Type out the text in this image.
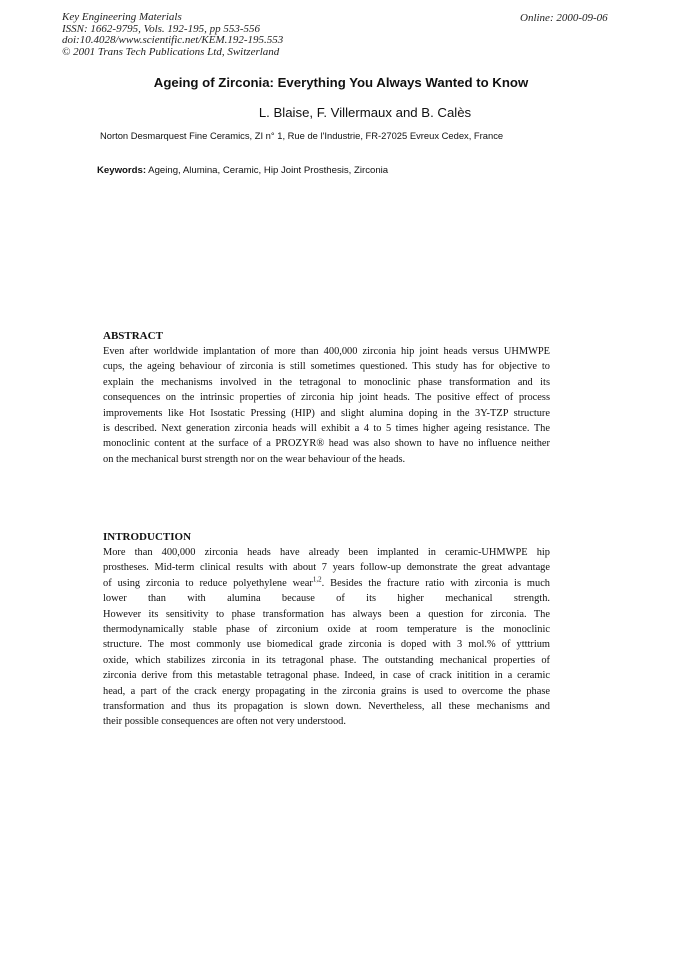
Key Engineering Materials
ISSN: 1662-9795, Vols. 192-195, pp 553-556
doi:10.4028/www.scientific.net/KEM.192-195.553
© 2001 Trans Tech Publications Ltd, Switzerland
Online: 2000-09-06
Ageing of Zirconia: Everything You Always Wanted to Know
L. Blaise, F. Villermaux and B. Calès
Norton Desmarquest Fine Ceramics, ZI n° 1, Rue de l'Industrie, FR-27025 Evreux Cedex, France
Keywords: Ageing, Alumina, Ceramic, Hip Joint Prosthesis, Zirconia
ABSTRACT
Even after worldwide implantation of more than 400,000 zirconia hip joint heads versus UHMWPE
cups, the ageing behaviour of zirconia is still sometimes questioned. This study has for objective to
explain the mechanisms involved in the tetragonal to monoclinic phase transformation and its
consequences on the intrinsic properties of zirconia hip joint heads. The positive effect of process
improvements like Hot Isostatic Pressing (HIP) and slight alumina doping in the 3Y-TZP structure
is described. Next generation zirconia heads will exhibit a 4 to 5 times higher ageing resistance. The
monoclinic content at the surface of a PROZYR® head was also shown to have no influence neither
on the mechanical burst strength nor on the wear behaviour of the heads.
INTRODUCTION
More than 400,000 zirconia heads have already been implanted in ceramic-UHMWPE hip
prostheses. Mid-term clinical results with about 7 years follow-up demonstrate the great advantage
of using zirconia to reduce polyethylene wear$^{1,2}$. Besides the fracture ratio with zirconia is much
lower than with alumina because of its higher mechanical strength.
However its sensitivity to phase transformation has always been a question for zirconia. The
thermodynamically stable phase of zirconium oxide at room temperature is the monoclinic
structure. The most commonly use biomedical grade zirconia is doped with 3 mol.% of ytttrium
oxide, which stabilizes zirconia in its tetragonal phase. The outstanding mechanical properties of
zirconia derive from this metastable tetragonal phase. Indeed, in case of crack initition in a ceramic
head, a part of the crack energy propagating in the zirconia grains is used to overcome the phase
transformation and thus its propagation is slown down. Nevertheless, all these mechanisms and
their possible consequences are often not very understood.
